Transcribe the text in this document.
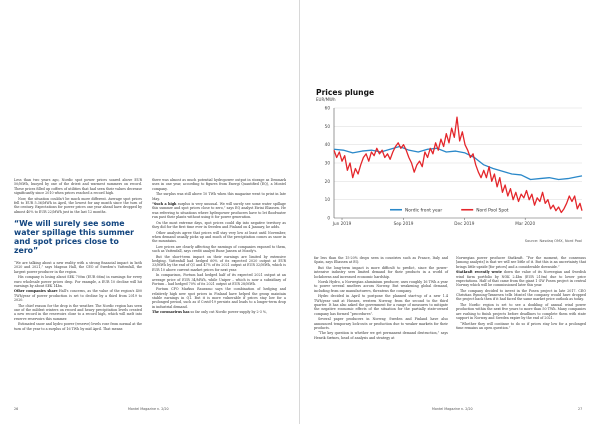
Less than two years ago, Nordic spot power prices soared above EUR 50/MWh, buoyed by one of the driest and warmest summers on record. These prices filled up coffers of utilities that had seen their values decrease significantly since 2010 when prices reached a record high.

Now, the situation couldn't be much more different. Average spot prices fell to EUR 5.36/MWh in April, the lowest for any month since the turn of the century. Expectations for power prices one year ahead have dropped by almost 40% to EUR 22/MWh just in the last 12 months.

“We will surely see some water spillage this summer and spot prices close to zero”

“We are talking about a new reality with a strong financial impact in both 2020 and 2021,” says Magnus Hall, the CEO of Sweden's Vattenfall, the largest power producer in the region.

His company is losing about SEK 700m (EUR 66m) in earnings for every euro wholesale power prices drop. For example, a EUR 10 decline will hit earnings by about SEK 14bn.

Other companies share Hall's concerns, as the value of the region's 400 TWh/year of power production is set to decline by a third from 2019 to 2020.

The chief reason for the drop is the weather. The Nordic region has seen one of the mildest winters on record and heavy precipitation levels created a new record in the reservoirs close to a record high, which will melt into reserve reservoirs this summer.

Estimated snow and hydro power (reserve) levels rose from normal at the turn of the year to a surplus of 16 TWh by mid April. That means

there was almost as much potential hydropower output in storage as Denmark uses in one year, according to figures from Energi Quantified (EQ), a Montel company.

The surplus was still above 10 TWh when this magazine went to print in late May.

“Such a high surplus is very unusual. We will surely see some water spillage this summer and spot prices close to zero,” says EQ analyst Eirini Eliassen. He was referring to situations where hydropower producers have to let floodwater run past their plants without using it for power generation.

On the most extreme days, spot prices could dip into negative territory as they did for the first time ever in Sweden and Finland on 4 January, he adds.

Other analysts agree that prices will stay very low at least until November, when demand usually picks up and much of the precipitation comes as snow in the mountains.

Low prices are clearly affecting the earnings of companies exposed to them, such as Vattenfall, says credit analyst Rune Jansen at Moody's.

But the short-term impact on their earnings are limited by extensive hedging. Vattenfall had hedged 60% of its expected 2020 output at EUR 33/MWh by the end of Q1 and 47% of its 2021 output at EUR 32/MWh, which is EUR 10 above current market prices for next year.

In comparison, Fortum had hedged half of its expected 2021 output at an average price of EUR 34/MWh, while Uniper – which is now a subsidiary of Fortum – had hedged 70% of its 2021 output at EUR 28/MWh.

Fortum CFO Markus Rauramo says the combination of hedging and relatively high new spot prices in Finland have helped the group maintain stable earnings in Q1. But it is more vulnerable if prices stay low for a prolonged period, such as if Covid-19 persists and leads to a longer-term drop in industrial demand.

The coronavirus has so far only cut Nordic power supply by 2-3 %,

26	Montel Magazine n. 2/20	Montel Magazine n. 2/20	27
Prices plunge
EUR/MWh
0
10
20
30
40
50
60
Jun 2019	Sep 2019	Dec 2019	Mar 2020
Nordic front year	Nord Pool Spot
Source: Nasdaq OMX, Nord Pool

far less than the 15-20% drops seen in countries such as France, Italy and Spain, says Eliassen at EQ.

But the long-term impact is more difficult to predict, since the power-intensive industry sees limited demand for their products in a world of lockdowns and increased economic hardship.

Norsk Hydro, a Norwegian aluminium producer, uses roughly 16 TWh a year to power several smelters across Norway. But weakening global demand, including from car manufacturers, threatens the company.

Hydro decided in April to postpone the planned start-up of a new 1.4 TWh/year unit at Husnes, western Norway, from the second to the third quarter. It has also asked the government for a range of measures to mitigate the negative economic effects of the situation for the partially state-owned company has formed “procedures”.

Several paper producers in Norway, Sweden and Finland have also announced temporary lock-outs or production due to weaker markets for their products.

“The key question is whether we get permanent demand destruction,” says Henrik Sætnes, head of analysis and strategy at

Norwegian power producer Statkraft. “For the moment, the consensus [among analysts] is that we will see little of it. But this is an uncertainty that brings little upside [for prices] and a considerable downside.”

Statkraft recently wrote down the value of its Norwegian and Swedish wind farm portfolio by NOK 2.4bn (EUR 210m) due to lower price expectations. Half of that came from the giant 1 GW Fosen project in central Norway which will be commissioned later this year.

The company decided to invest in the Fosen project in late 2017. CEO Christian Rynning-Tønnesen tells Montel the company would have dropped the project back then if it had faced the same market price outlook as today.

The Nordic region is set to see a doubling of annual wind power production within the next five years to more than 50 TWh. Many companies are rushing to finish projects before deadlines to complete them with state support in Norway and Sweden expire by the end of 2021.

“Whether they will continue to do so if prices stay low for a prolonged time remains an open question.”
